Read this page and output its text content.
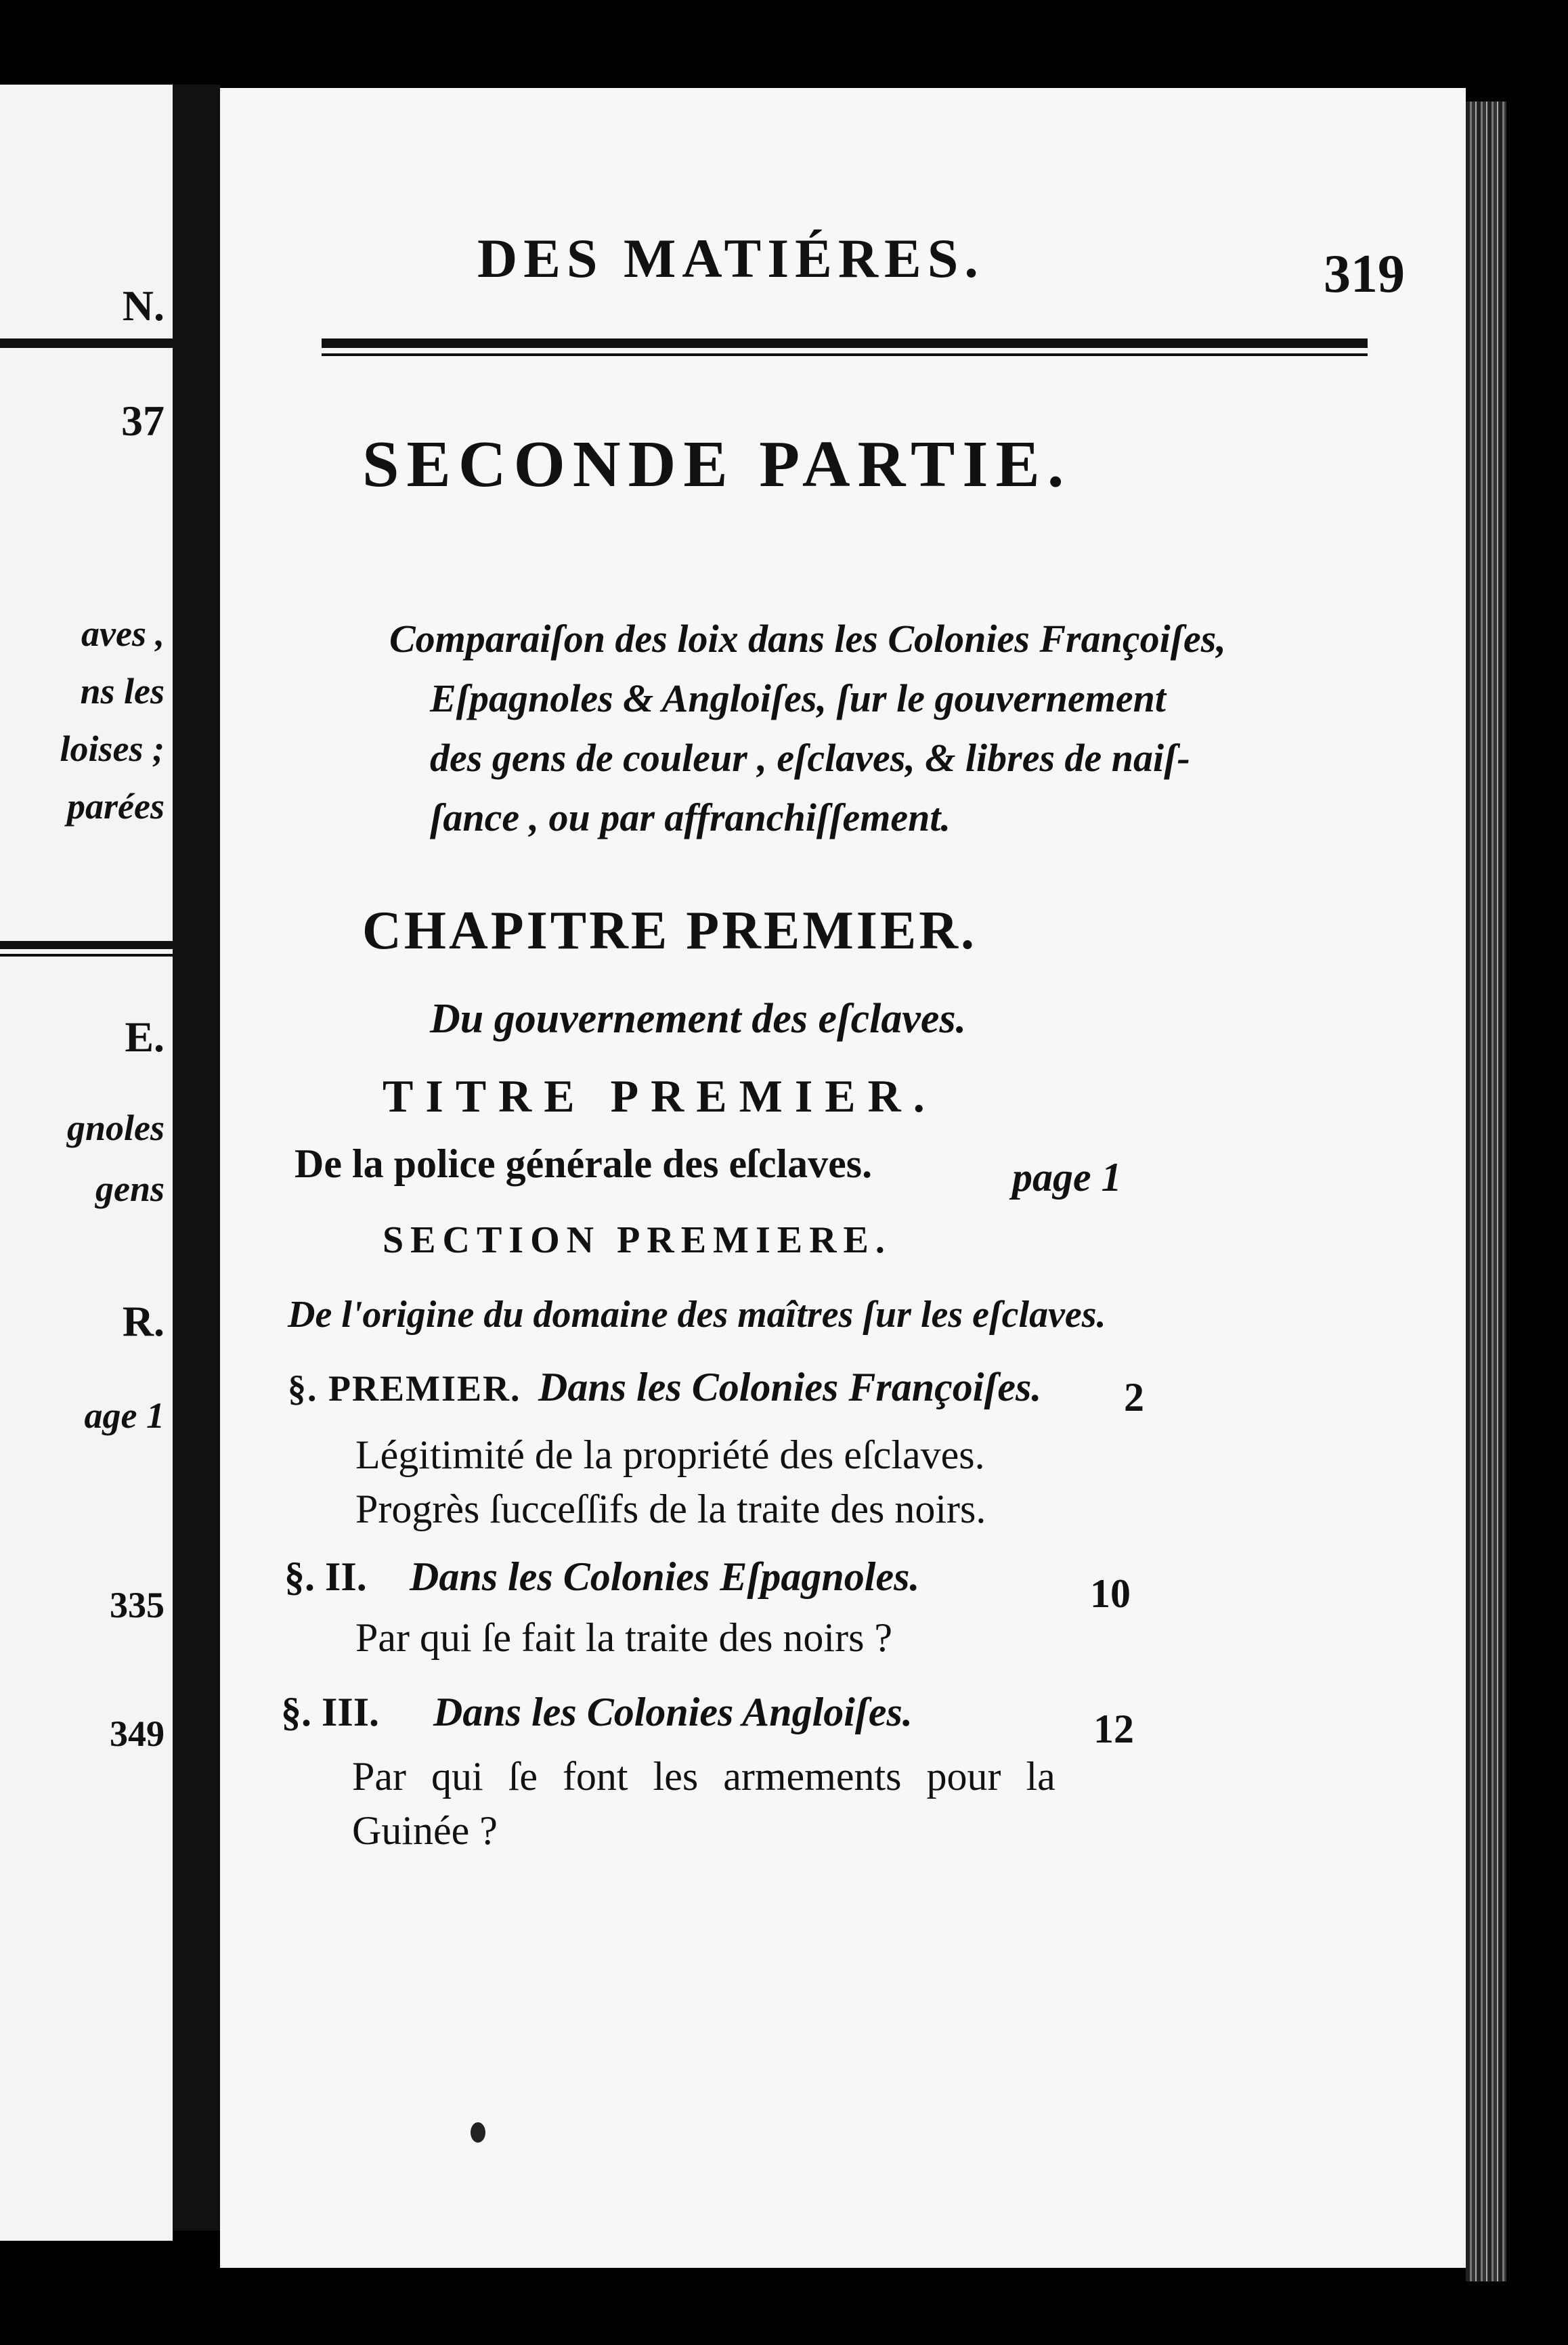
N.
37
aves ,
ns les
loises ;
parées
E.
gnoles
gens
R.
age 1
335
349
DES MATIÉRES.	319
SECONDE PARTIE.
Comparaiſon des loix dans les Colonies Françoiſes,
Eſpagnoles & Angloiſes, ſur le gouvernement
des gens de couleur , eſclaves, & libres de naiſ-
ſance , ou par affranchiſſement.
CHAPITRE PREMIER.
Du gouvernement des eſclaves.
TITRE PREMIER.
De la police générale des eſclaves.	page 1
SECTION PREMIERE.
De l'origine du domaine des maîtres ſur les eſclaves.
§. PREMIER. Dans les Colonies Françoiſes. 2
Légitimité de la propriété des eſclaves.
Progrès ſucceſſifs de la traite des noirs.
§. II. Dans les Colonies Eſpagnoles.	10
Par qui ſe fait la traite des noirs ?
§. III. Dans les Colonies Angloiſes.	12
Par qui ſe font les armements pour la
Guinée ?
